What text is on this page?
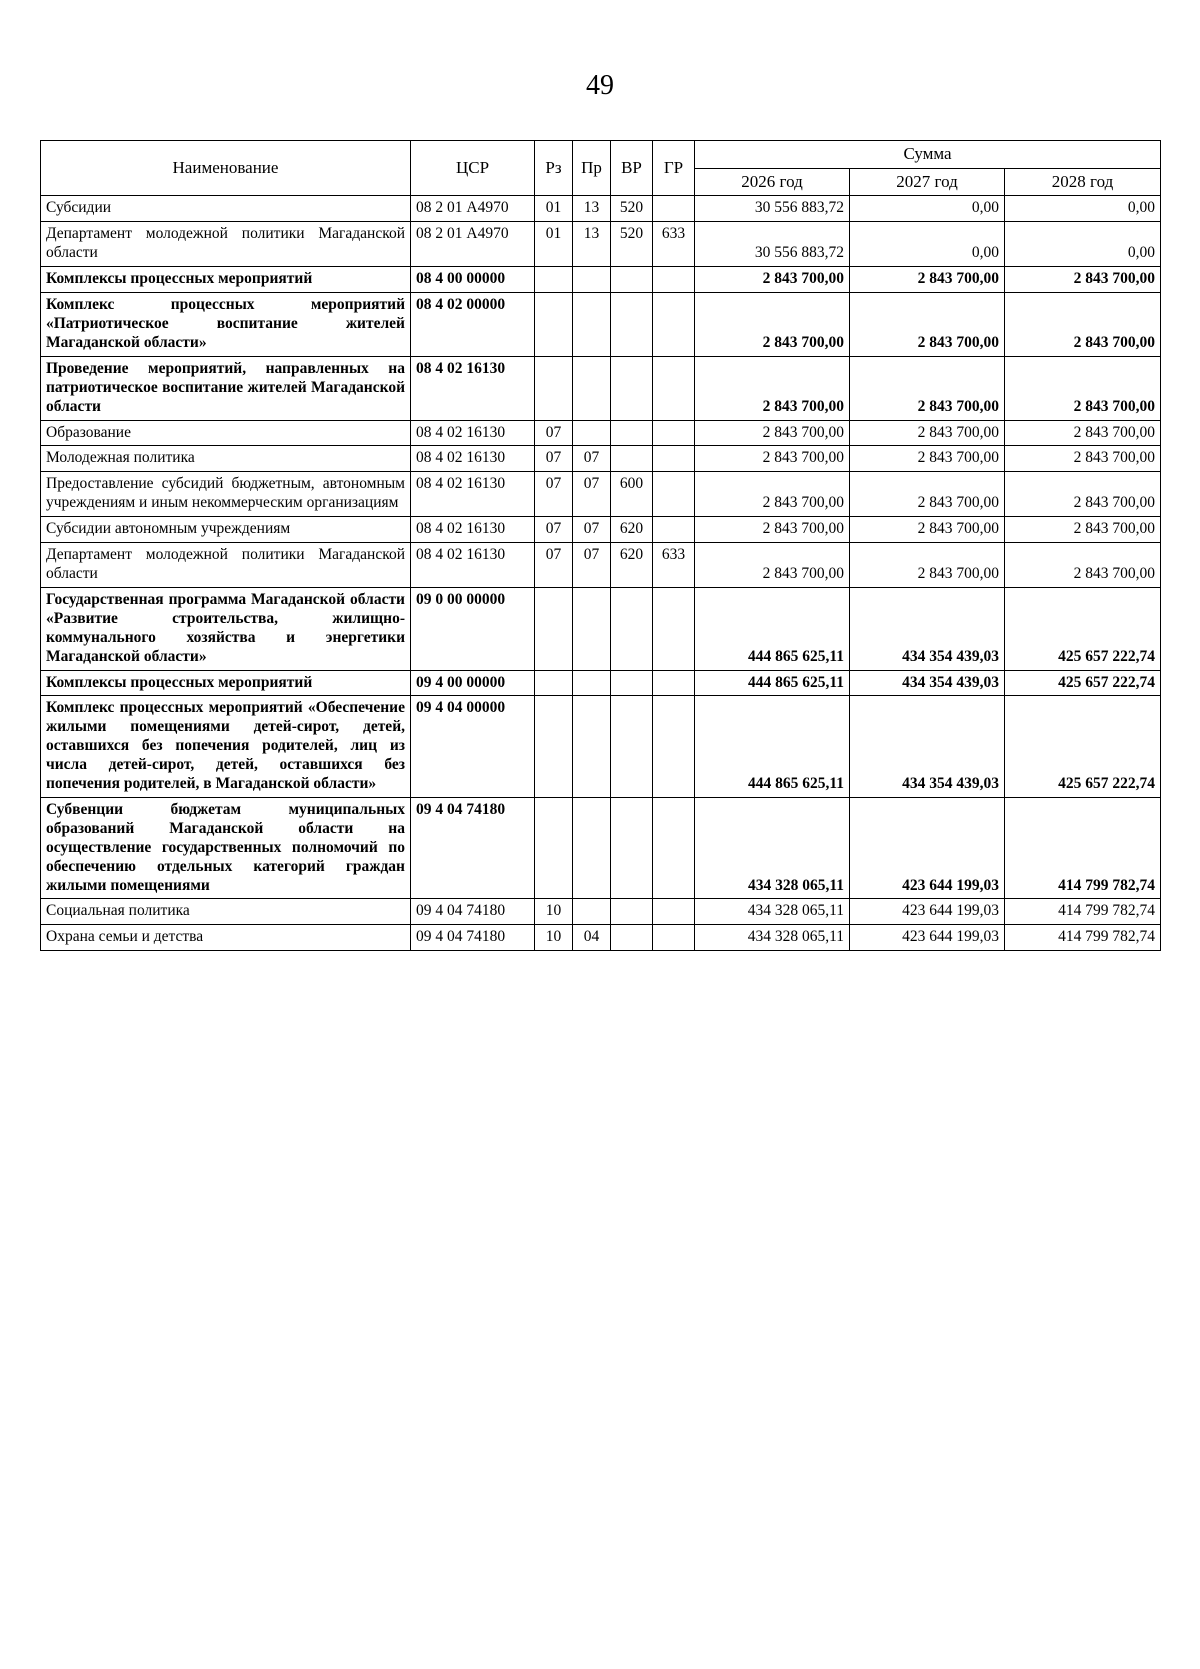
49
Наименование	ЦСР	Рз	Пр	ВР	ГР	Сумма		
						2026 год	2027 год	2028 год
Субсидии	08 2 01 А4970	01	13	520		30 556 883,72	0,00	0,00
Департамент молодежной политики Магаданской области	08 2 01 А4970	01	13	520	633	30 556 883,72	0,00	0,00
Комплексы процессных мероприятий	08 4 00 00000					2 843 700,00	2 843 700,00	2 843 700,00
Комплекс процессных мероприятий «Патриотическое воспитание жителей Магаданской области»	08 4 02 00000					2 843 700,00	2 843 700,00	2 843 700,00
Проведение мероприятий, направленных на патриотическое воспитание жителей Магаданской области	08 4 02 16130					2 843 700,00	2 843 700,00	2 843 700,00
Образование	08 4 02 16130	07				2 843 700,00	2 843 700,00	2 843 700,00
Молодежная политика	08 4 02 16130	07	07			2 843 700,00	2 843 700,00	2 843 700,00
Предоставление субсидий бюджетным, автономным учреждениям и иным некоммерческим организациям	08 4 02 16130	07	07	600		2 843 700,00	2 843 700,00	2 843 700,00
Субсидии автономным учреждениям	08 4 02 16130	07	07	620		2 843 700,00	2 843 700,00	2 843 700,00
Департамент молодежной политики Магаданской области	08 4 02 16130	07	07	620	633	2 843 700,00	2 843 700,00	2 843 700,00
Государственная программа Магаданской области «Развитие строительства, жилищно-коммунального хозяйства и энергетики Магаданской области»	09 0 00 00000					444 865 625,11	434 354 439,03	425 657 222,74
Комплексы процессных мероприятий	09 4 00 00000					444 865 625,11	434 354 439,03	425 657 222,74
Комплекс процессных мероприятий «Обеспечение жилыми помещениями детей-сирот, детей, оставшихся без попечения родителей, лиц из числа детей-сирот, детей, оставшихся без попечения родителей, в Магаданской области»	09 4 04 00000					444 865 625,11	434 354 439,03	425 657 222,74
Субвенции бюджетам муниципальных образований Магаданской области на осуществление государственных полномочий по обеспечению отдельных категорий граждан жилыми помещениями	09 4 04 74180					434 328 065,11	423 644 199,03	414 799 782,74
Социальная политика	09 4 04 74180	10				434 328 065,11	423 644 199,03	414 799 782,74
Охрана семьи и детства	09 4 04 74180	10	04			434 328 065,11	423 644 199,03	414 799 782,74
